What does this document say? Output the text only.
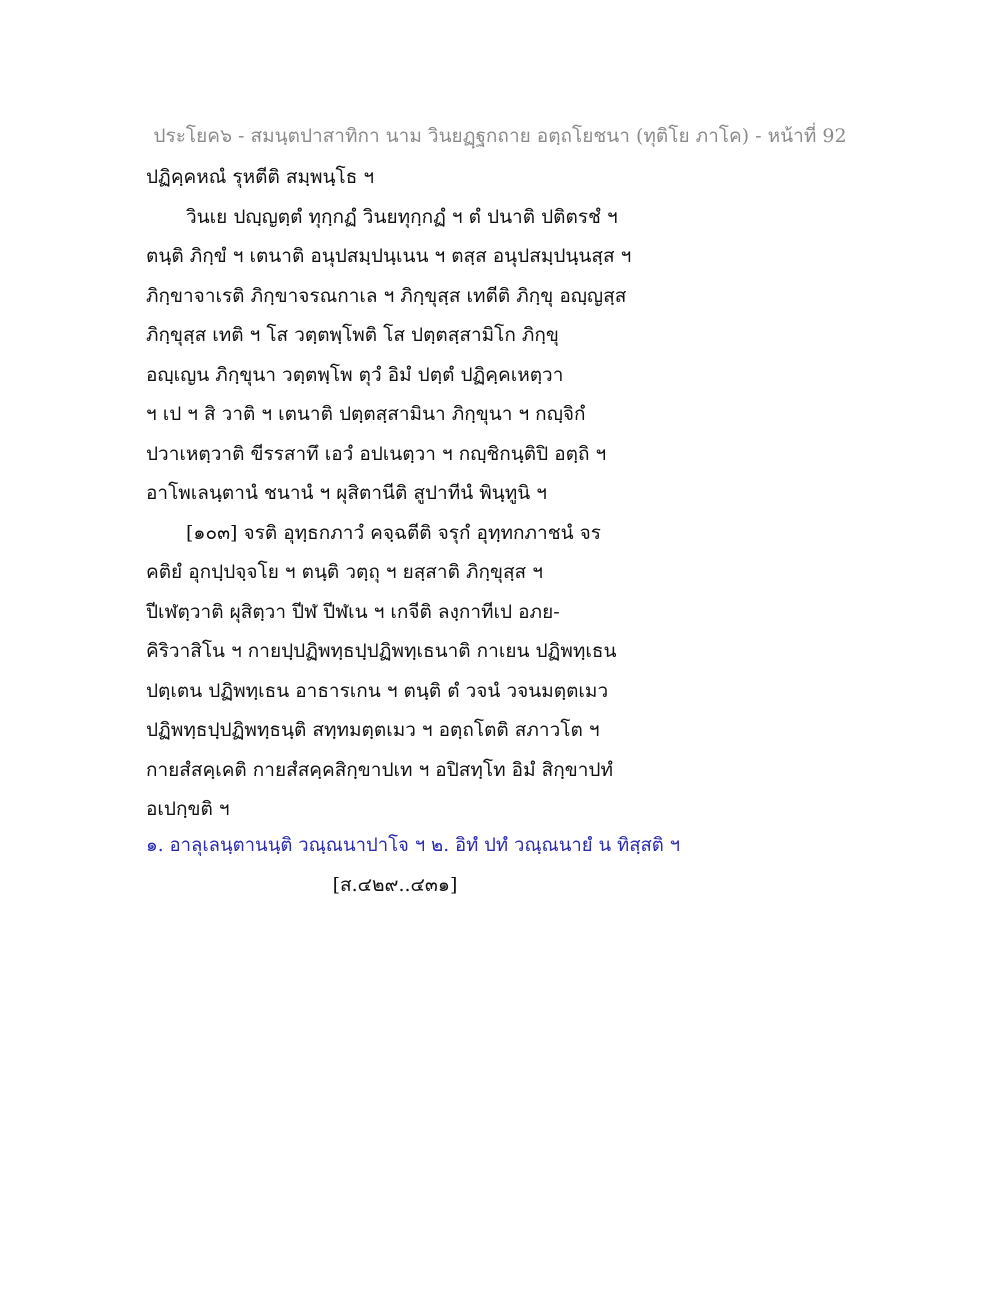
ประโยค๖ - สมนฺตปาสาทิกา นาม วินยฏฺฐกถาย อตฺถโยชนา (ทุติโย ภาโค) - หน้าที่ 92
ปฏิคฺคหณํ รุหตีติ สมฺพนฺโธ ฯ
วินเย ปญฺญตฺตํ ทุกฺกฏํ วินยทุกฺกฏํ ฯ ตํ ปนาติ ปติตรชํ ฯ
ตนฺติ ภิกฺขํ ฯ เตนาติ อนุปสมฺปนฺเนน ฯ ตสฺส อนุปสมฺปนฺนสฺส ฯ
ภิกฺขาจาเรติ ภิกฺขาจรณกาเล ฯ ภิกฺขุสฺส เทตีติ ภิกฺขุ อญฺญสฺส
ภิกฺขุสฺส เทติ ฯ โส วตฺตพฺโพติ โส ปตฺตสฺสามิโก ภิกฺขุ
อญฺเญน ภิกฺขุนา วตฺตพฺโพ ตุวํ อิมํ ปตฺตํ ปฏิคฺคเหตฺวา
ฯ เป ฯ สิ วาติ ฯ เตนาติ ปตฺตสฺสามินา ภิกฺขุนา ฯ กญฺจิกํ
ปวาเหตฺวาติ ขีรรสาทึ เอวํ อปเนตฺวา ฯ กญฺชิกนฺติปิ อตฺถิ ฯ
อาโพเลนฺตานํ ชนานํ ฯ ผุสิตานีติ สูปาทีนํ พินฺทูนิ ฯ
[๑๐๓] จรติ อุทฺธกภาวํ คจฺฉตีติ จรุกํ อุทฺทกภาชนํ จร
คติยํ อุกปฺปจฺจโย ฯ ตนฺติ วตฺถุ ฯ ยสฺสาติ ภิกฺขุสฺส ฯ
ปีเฬตฺวาติ ผุสิตฺวา ปีฬ ปีฬเน ฯ เกจีติ ลงฺกาทีเป อภย-
คิริวาสิโน ฯ กายปฺปฏิพทฺธปฺปฏิพทฺเธนาติ กาเยน ปฏิพทฺเธน
ปตฺเตน ปฏิพทฺเธน อาธารเกน ฯ ตนฺติ ตํ วจนํ วจนมตฺตเมว
ปฏิพทฺธปฺปฏิพทฺธนฺติ สทฺทมตฺตเมว ฯ อตฺถโตติ สภาวโต ฯ
กายสํสคฺเคติ กายสํสคฺคสิกฺขาปเท ฯ อปิสทฺโท อิมํ สิกฺขาปทํ
อเปกฺขติ ฯ
๑. อาลุเลนฺตานนฺติ วณฺณนาปาโจ ฯ ๒. อิทํ ปทํ วณฺณนายํ น ทิสฺสติ ฯ
[ส.๔๒๙..๔๓๑]
